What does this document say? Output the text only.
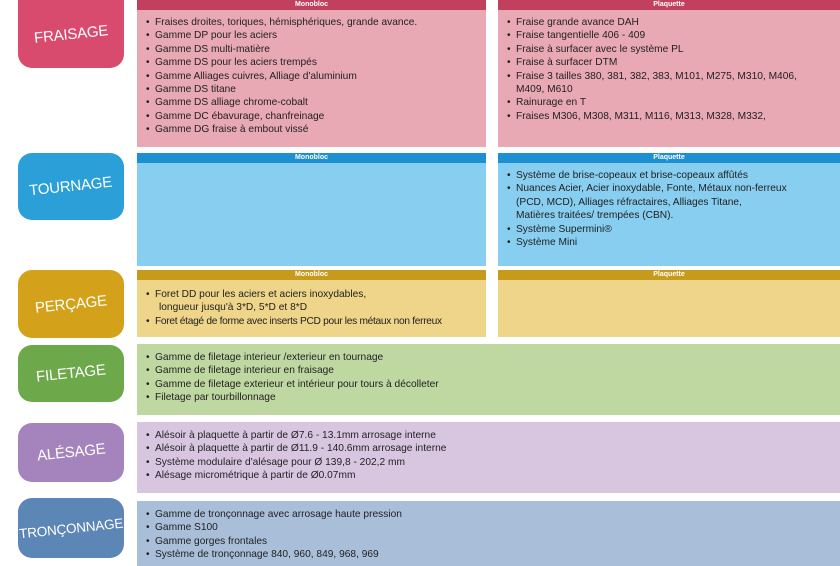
FRAISAGE
Monobloc
• Fraises droites, toriques, hémisphériques, grande avance.
• Gamme DP pour les aciers
• Gamme DS multi-matière
• Gamme DS pour les aciers trempés
• Gamme Alliages cuivres, Alliage d'aluminium
• Gamme DS titane
• Gamme DS alliage chrome-cobalt
• Gamme DC ébavurage, chanfreinage
• Gamme DG fraise à embout vissé
Plaquette
• Fraise grande avance DAH
• Fraise tangentielle 406 - 409
• Fraise à surfacer avec le système PL
• Fraise à surfacer DTM
• Fraise 3 tailles 380, 381, 382, 383, M101, M275, M310, M406,
M409, M610
• Rainurage en T
• Fraises M306, M308, M311, M116, M313, M328, M332,
TOURNAGE
Monobloc	Plaquette
• Système de brise-copeaux et brise-copeaux affûtés
• Nuances Acier, Acier inoxydable, Fonte, Métaux non-ferreux
(PCD, MCD), Alliages réfractaires, Alliages Titane,
Matières traitées/ trempées (CBN).
• Système Supermini®
• Système Mini
PERÇAGE
Monobloc
• Foret DD pour les aciers et aciers inoxydables,
longueur jusqu'à 3*D, 5*D et 8*D
• Foret étagé de forme avec inserts PCD pour les métaux non ferreux
Plaquette
FILETAGE
• Gamme de filetage interieur /exterieur en tournage
• Gamme de filetage interieur en fraisage
• Gamme de filetage exterieur et intérieur pour tours à décolleter
• Filetage par tourbillonnage
ALÉSAGE
• Alésoir à plaquette à partir de Ø7.6 - 13.1mm arrosage interne
• Alésoir à plaquette à partir de Ø11.9 - 140.6mm arrosage interne
• Système modulaire d'alésage pour Ø 139,8 - 202,2 mm
• Alésage micrométrique à partir de Ø0.07mm
TRONÇONNAGE
• Gamme de tronçonnage avec arrosage haute pression
• Gamme S100
• Gamme gorges frontales
• Système de tronçonnage 840, 960, 849, 968, 969
